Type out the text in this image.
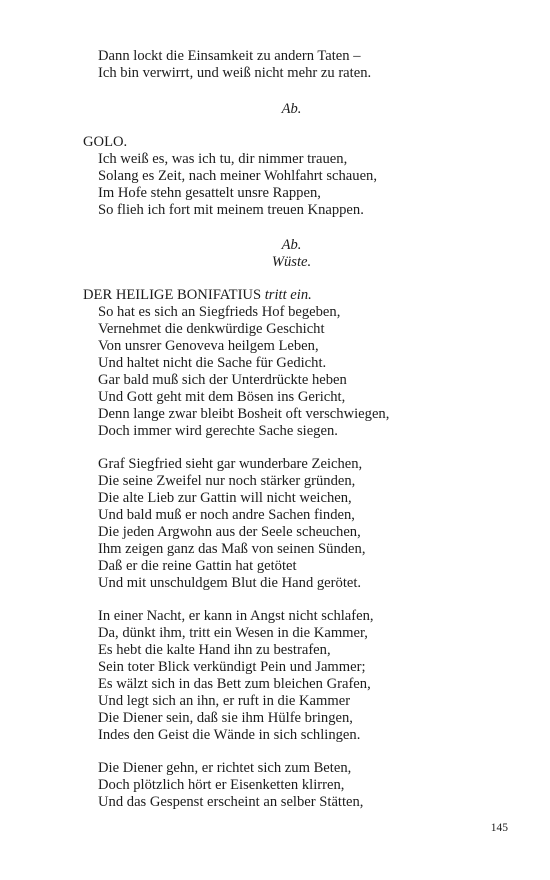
Dann lockt die Einsamkeit zu andern Taten –
Ich bin verwirrt, und weiß nicht mehr zu raten.
Ab.
GOLO.
Ich weiß es, was ich tu, dir nimmer trauen,
Solang es Zeit, nach meiner Wohlfahrt schauen,
Im Hofe stehn gesattelt unsre Rappen,
So flieh ich fort mit meinem treuen Knappen.
Ab.
Wüste.
DER HEILIGE BONIFATIUS tritt ein.
So hat es sich an Siegfrieds Hof begeben,
Vernehmet die denkwürdige Geschicht
Von unsrer Genoveva heilgem Leben,
Und haltet nicht die Sache für Gedicht.
Gar bald muß sich der Unterdrückte heben
Und Gott geht mit dem Bösen ins Gericht,
Denn lange zwar bleibt Bosheit oft verschwiegen,
Doch immer wird gerechte Sache siegen.
Graf Siegfried sieht gar wunderbare Zeichen,
Die seine Zweifel nur noch stärker gründen,
Die alte Lieb zur Gattin will nicht weichen,
Und bald muß er noch andre Sachen finden,
Die jeden Argwohn aus der Seele scheuchen,
Ihm zeigen ganz das Maß von seinen Sünden,
Daß er die reine Gattin hat getötet
Und mit unschuldgem Blut die Hand gerötet.
In einer Nacht, er kann in Angst nicht schlafen,
Da, dünkt ihm, tritt ein Wesen in die Kammer,
Es hebt die kalte Hand ihn zu bestrafen,
Sein toter Blick verkündigt Pein und Jammer;
Es wälzt sich in das Bett zum bleichen Grafen,
Und legt sich an ihn, er ruft in die Kammer
Die Diener sein, daß sie ihm Hülfe bringen,
Indes den Geist die Wände in sich schlingen.
Die Diener gehn, er richtet sich zum Beten,
Doch plötzlich hört er Eisenketten klirren,
Und das Gespenst erscheint an selber Stätten,
145
